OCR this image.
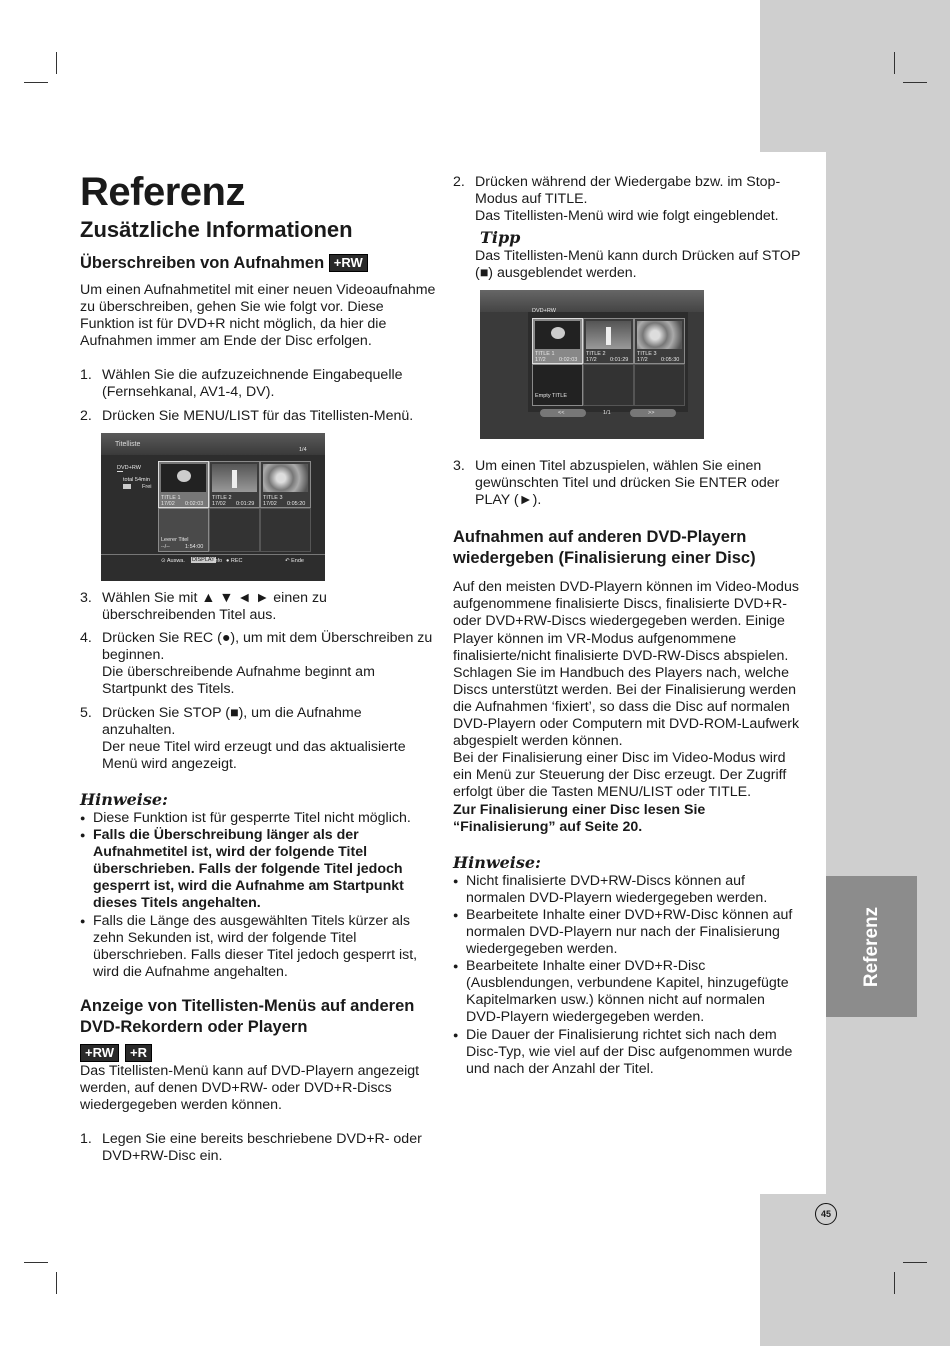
Referenz
Referenz
Zusätzliche Informationen
Überschreiben von Aufnahmen +RW

Um einen Aufnahmetitel mit einer neuen Videoaufnahme zu überschreiben, gehen Sie wie folgt vor. Diese Funktion ist für DVD+R nicht möglich, da hier die Aufnahmen immer am Ende der Disc erfolgen.

1. Wählen Sie die aufzuzeichnende Eingabequelle (Fernsehkanal, AV1-4, DV).
2. Drücken Sie MENU/LIST für das Titellisten-Menü.
Titelliste
1/4
DVD+RW
total 54min
Frei
TITLE 1
17/02 0:02:03
TITLE 2
17/02 0:01:29
TITLE 3
17/02 0:05:20
Leerer Titel
--/--	1:54:00
⊙ Auswa. DISPLAY
Info ● REC	↶ Ende
3. Wählen Sie mit ▲ ▼ ◄ ► einen zu überschreibenden Titel aus.
4. Drücken Sie REC (●), um mit dem Überschreiben zu beginnen.
Die überschreibende Aufnahme beginnt am Startpunkt des Titels.
5. Drücken Sie STOP (■), um die Aufnahme anzuhalten.
Der neue Titel wird erzeugt und das aktualisierte Menü wird angezeigt.
Hinweise:
● Diese Funktion ist für gesperrte Titel nicht möglich.
● Falls die Überschreibung länger als der Aufnahmetitel ist, wird der folgende Titel überschrieben. Falls der folgende Titel jedoch gesperrt ist, wird die Aufnahme am Startpunkt dieses Titels angehalten.
● Falls die Länge des ausgewählten Titels kürzer als zehn Sekunden ist, wird der folgende Titel überschrieben. Falls dieser Titel jedoch gesperrt ist, wird die Aufnahme angehalten.
Anzeige von Titellisten-Menüs auf anderen DVD-Rekordern oder Playern
+RW +R

Das Titellisten-Menü kann auf DVD-Playern angezeigt werden, auf denen DVD+RW- oder DVD+R-Discs wiedergegeben werden können.

1. Legen Sie eine bereits beschriebene DVD+R- oder DVD+RW-Disc ein.
2. Drücken während der Wiedergabe bzw. im Stop-Modus auf TITLE.
Das Titellisten-Menü wird wie folgt eingeblendet.
Tipp

Das Titellisten-Menü kann durch Drücken auf STOP (■) ausgeblendet werden.

DVD+RW
TITLE 1
17/2 0:02:03
TITLE 2
17/2 0:01:29
TITLE 3
17/2 0:05:30
Empty TITLE
<<	1/1	>>
3. Um einen Titel abzuspielen, wählen Sie einen gewünschten Titel und drücken Sie ENTER oder PLAY (►).
Aufnahmen auf anderen DVD-Playern wiedergeben (Finalisierung einer Disc)

Auf den meisten DVD-Playern können im Video-Modus aufgenommene finalisierte Discs, finalisierte DVD+R- oder DVD+RW-Discs wiedergegeben werden. Einige Player können im VR-Modus aufgenommene finalisierte/nicht finalisierte DVD-RW-Discs abspielen. Schlagen Sie im Handbuch des Players nach, welche Discs unterstützt werden. Bei der Finalisierung werden die Aufnahmen ‘fixiert’, so dass die Disc auf normalen DVD-Playern oder Computern mit DVD-ROM-Laufwerk abgespielt werden können.

Bei der Finalisierung einer Disc im Video-Modus wird ein Menü zur Steuerung der Disc erzeugt. Der Zugriff erfolgt über die Tasten MENU/LIST oder TITLE.

Zur Finalisierung einer Disc lesen Sie “Finalisierung” auf Seite 20.

Hinweise:
● Nicht finalisierte DVD+RW-Discs können auf normalen DVD-Playern wiedergegeben werden.
● Bearbeitete Inhalte einer DVD+RW-Disc können auf normalen DVD-Playern nur nach der Finalisierung wiedergegeben werden.
● Bearbeitete Inhalte einer DVD+R-Disc (Ausblendungen, verbundene Kapitel, hinzugefügte Kapitelmarken usw.) können nicht auf normalen DVD-Playern wiedergegeben werden.
● Die Dauer der Finalisierung richtet sich nach dem Disc-Typ, wie viel auf der Disc aufgenommen wurde und nach der Anzahl der Titel.
45
